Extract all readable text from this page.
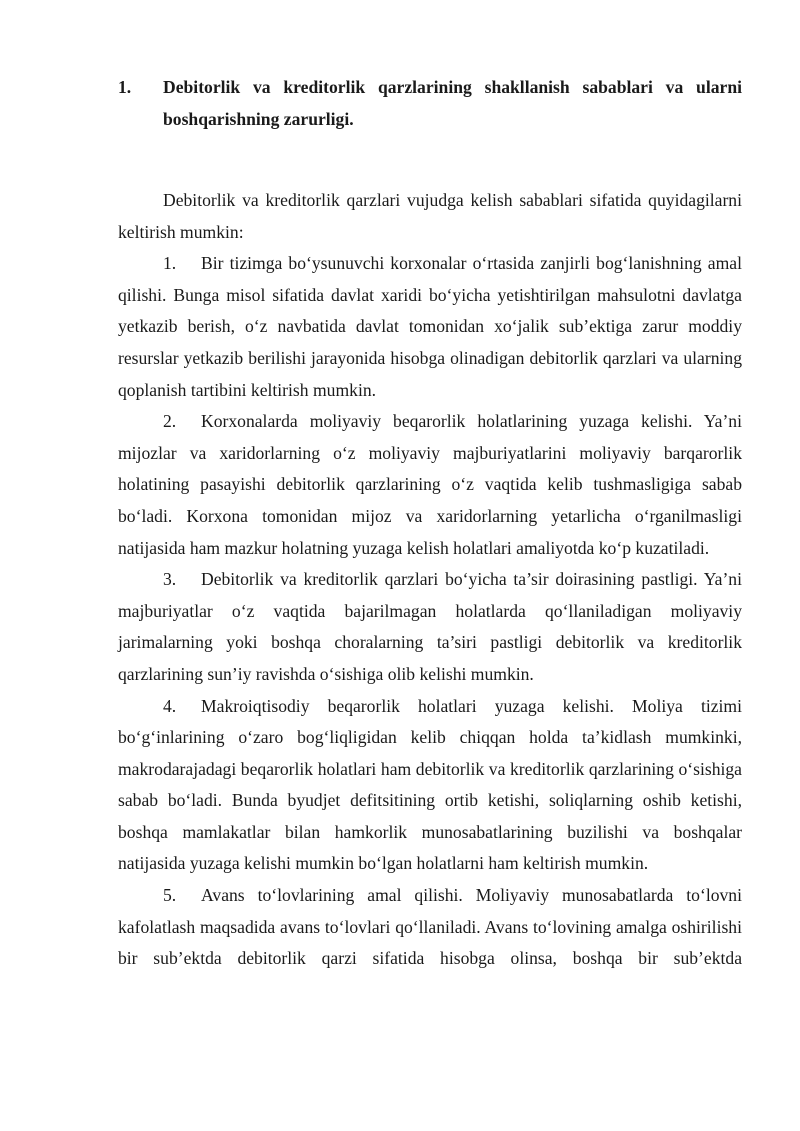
1.	Debitorlik va kreditorlik qarzlarining shakllanish sabablari va ularni boshqarishning zarurligi.

Debitorlik va kreditorlik qarzlari vujudga kelish sabablari sifatida quyidagilarni keltirish mumkin:

1. Bir tizimga bo‘ysunuvchi korxonalar o‘rtasida zanjirli bog‘lanishning amal qilishi. Bunga misol sifatida davlat xaridi bo‘yicha yetishtirilgan mahsulotni davlatga yetkazib berish, o‘z navbatida davlat tomonidan xo‘jalik sub’ektiga zarur moddiy resurslar yetkazib berilishi jarayonida hisobga olinadigan debitorlik qarzlari va ularning qoplanish tartibini keltirish mumkin.

2. Korxonalarda moliyaviy beqarorlik holatlarining yuzaga kelishi. Ya’ni mijozlar va xaridorlarning o‘z moliyaviy majburiyatlarini moliyaviy barqarorlik holatining pasayishi debitorlik qarzlarining o‘z vaqtida kelib tushmasligiga sabab bo‘ladi. Korxona tomonidan mijoz va xaridorlarning yetarlicha o‘rganilmasligi natijasida ham mazkur holatning yuzaga kelish holatlari amaliyotda ko‘p kuzatiladi.

3. Debitorlik va kreditorlik qarzlari bo‘yicha ta’sir doirasining pastligi. Ya’ni majburiyatlar o‘z vaqtida bajarilmagan holatlarda qo‘llaniladigan moliyaviy jarimalarning yoki boshqa choralarning ta’siri pastligi debitorlik va kreditorlik qarzlarining sun’iy ravishda o‘sishiga olib kelishi mumkin.

4. Makroiqtisodiy beqarorlik holatlari yuzaga kelishi. Moliya tizimi bo‘g‘inlarining o‘zaro bog‘liqligidan kelib chiqqan holda ta’kidlash mumkinki, makrodarajadagi beqarorlik holatlari ham debitorlik va kreditorlik qarzlarining o‘sishiga sabab bo‘ladi. Bunda byudjet defitsitining ortib ketishi, soliqlarning oshib ketishi, boshqa mamlakatlar bilan hamkorlik munosabatlarining buzilishi va boshqalar natijasida yuzaga kelishi mumkin bo‘lgan holatlarni ham keltirish mumkin.

5. Avans to‘lovlarining amal qilishi. Moliyaviy munosabatlarda to‘lovni kafolatlash maqsadida avans to‘lovlari qo‘llaniladi. Avans to‘lovining amalga oshirilishi bir sub’ektda debitorlik qarzi sifatida hisobga olinsa, boshqa bir sub’ektda
